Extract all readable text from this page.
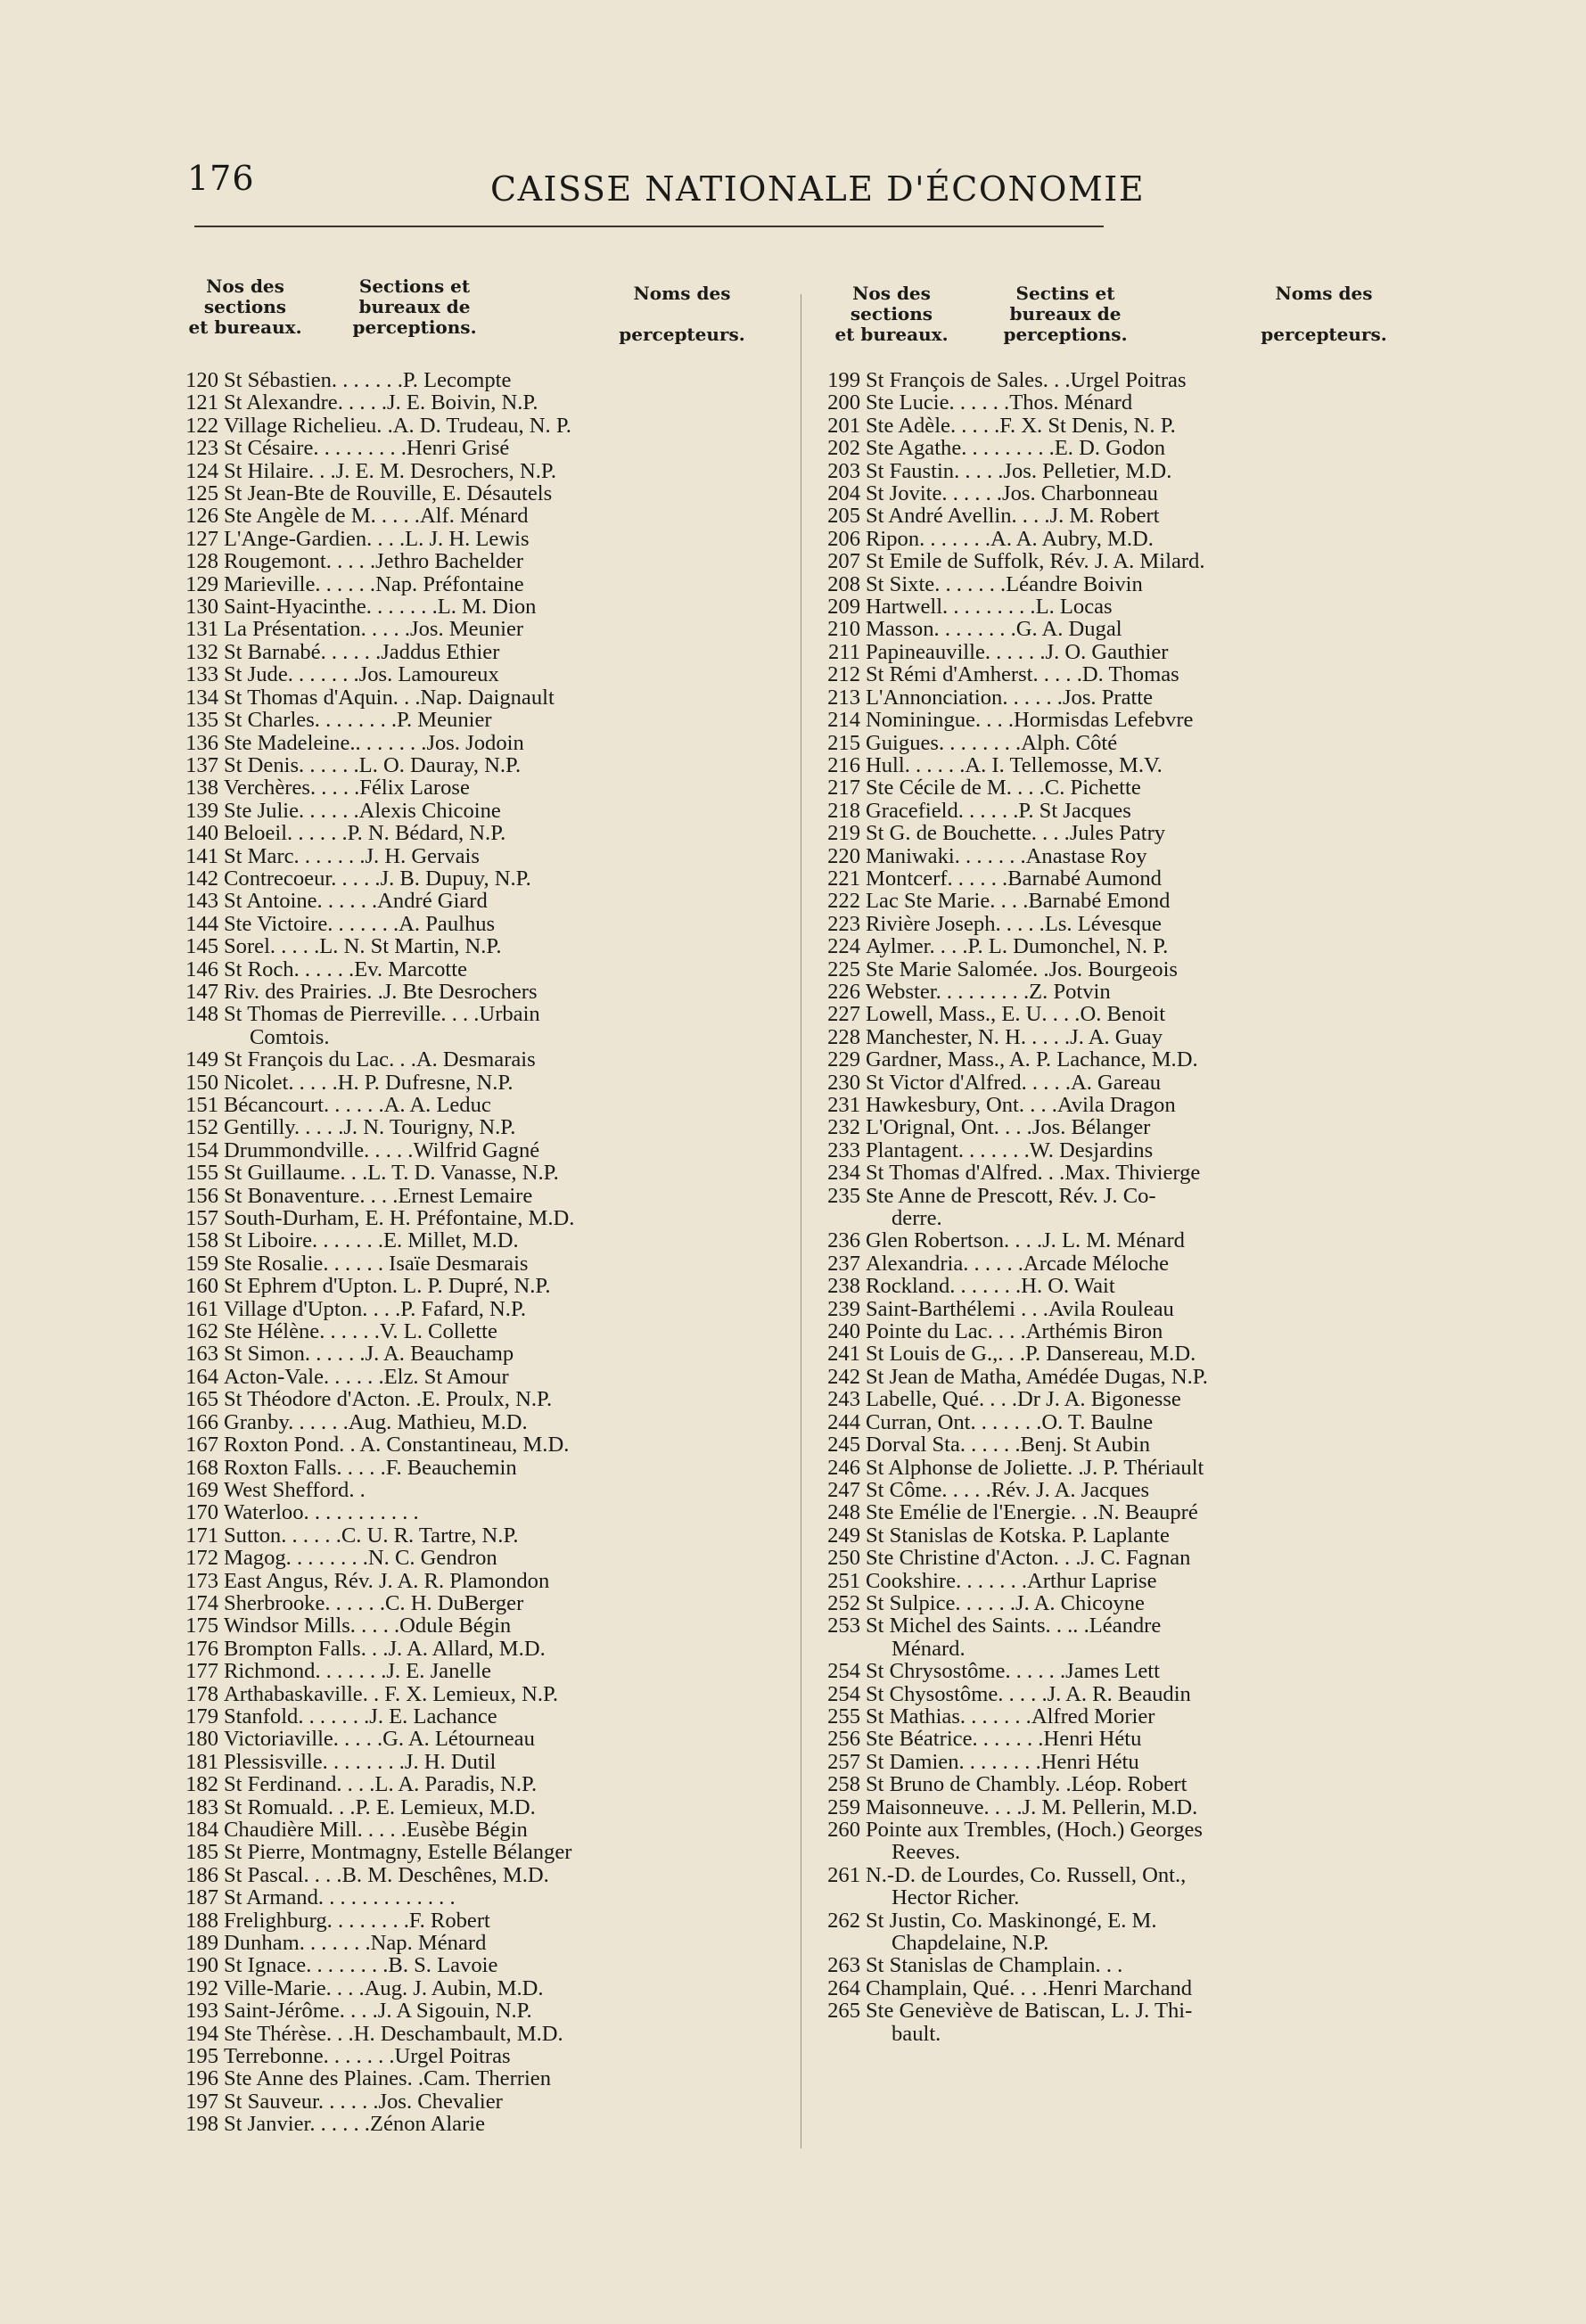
176	CAISSE NATIONALE D'ÉCONOMIE
Nos des
sections
et bureaux.
Sections et
bureaux de
perceptions.
Noms des
percepteurs.
Nos des
sections
et bureaux.
Sectins et
bureaux de
perceptions.
Noms des
percepteurs.
120 St Sébastien. . . . . . .P. Lecompte
121 St Alexandre. . . . .J. E. Boivin, N.P.
122 Village Richelieu. .A. D. Trudeau, N. P.
123 St Césaire. . . . . . . . .Henri Grisé
124 St Hilaire. . .J. E. M. Desrochers, N.P.
125 St Jean-Bte de Rouville, E. Désautels
126 Ste Angèle de M. . . . .Alf. Ménard
127 L'Ange-Gardien. . . .L. J. H. Lewis
128 Rougemont. . . . .Jethro Bachelder
129 Marieville. . . . . .Nap. Préfontaine
130 Saint-Hyacinthe. . . . . . .L. M. Dion
131 La Présentation. . . . .Jos. Meunier
132 St Barnabé. . . . . .Jaddus Ethier
133 St Jude. . . . . . .Jos. Lamoureux
134 St Thomas d'Aquin. . .Nap. Daignault
135 St Charles. . . . . . . .P. Meunier
136 Ste Madeleine.. . . . . . .Jos. Jodoin
137 St Denis. . . . . .L. O. Dauray, N.P.
138 Verchères. . . . .Félix Larose
139 Ste Julie. . . . . .Alexis Chicoine
140 Beloeil. . . . . .P. N. Bédard, N.P.
141 St Marc. . . . . . .J. H. Gervais
142 Contrecoeur. . . . .J. B. Dupuy, N.P.
143 St Antoine. . . . . .André Giard
144 Ste Victoire. . . . . . .A. Paulhus
145 Sorel. . . . .L. N. St Martin, N.P.
146 St Roch. . . . . .Ev. Marcotte
147 Riv. des Prairies. .J. Bte Desrochers
148 St Thomas de Pierreville. . . .Urbain
Comtois.
149 St François du Lac. . .A. Desmarais
150 Nicolet. . . . .H. P. Dufresne, N.P.
151 Bécancourt. . . . . .A. A. Leduc
152 Gentilly. . . . .J. N. Tourigny, N.P.
154 Drummondville. . . . .Wilfrid Gagné
155 St Guillaume. . .L. T. D. Vanasse, N.P.
156 St Bonaventure. . . .Ernest Lemaire
157 South-Durham, E. H. Préfontaine, M.D.
158 St Liboire. . . . . . .E. Millet, M.D.
159 Ste Rosalie. . . . . . Isaïe Desmarais
160 St Ephrem d'Upton. L. P. Dupré, N.P.
161 Village d'Upton. . . .P. Fafard, N.P.
162 Ste Hélène. . . . . .V. L. Collette
163 St Simon. . . . . .J. A. Beauchamp
164 Acton-Vale. . . . . .Elz. St Amour
165 St Théodore d'Acton. .E. Proulx, N.P.
166 Granby. . . . . .Aug. Mathieu, M.D.
167 Roxton Pond. . A. Constantineau, M.D.
168 Roxton Falls. . . . .F. Beauchemin
169 West Shefford. .
170 Waterloo. . . . . . . . . . .
171 Sutton. . . . . .C. U. R. Tartre, N.P.
172 Magog. . . . . . . .N. C. Gendron
173 East Angus, Rév. J. A. R. Plamondon
174 Sherbrooke. . . . . .C. H. DuBerger
175 Windsor Mills. . . . .Odule Bégin
176 Brompton Falls. . .J. A. Allard, M.D.
177 Richmond. . . . . . .J. E. Janelle
178 Arthabaskaville. . F. X. Lemieux, N.P.
179 Stanfold. . . . . . .J. E. Lachance
180 Victoriaville. . . . .G. A. Létourneau
181 Plessisville. . . . . . . .J. H. Dutil
182 St Ferdinand. . . .L. A. Paradis, N.P.
183 St Romuald. . .P. E. Lemieux, M.D.
184 Chaudière Mill. . . . .Eusèbe Bégin
185 St Pierre, Montmagny, Estelle Bélanger
186 St Pascal. . . .B. M. Deschênes, M.D.
187 St Armand. . . . . . . . . . . . .
188 Frelighburg. . . . . . . .F. Robert
189 Dunham. . . . . . .Nap. Ménard
190 St Ignace. . . . . . . .B. S. Lavoie
192 Ville-Marie. . . .Aug. J. Aubin, M.D.
193 Saint-Jérôme. . . .J. A Sigouin, N.P.
194 Ste Thérèse. . .H. Deschambault, M.D.
195 Terrebonne. . . . . . .Urgel Poitras
196 Ste Anne des Plaines. .Cam. Therrien
197 St Sauveur. . . . . .Jos. Chevalier
198 St Janvier. . . . . .Zénon Alarie
199 St François de Sales. . .Urgel Poitras
200 Ste Lucie. . . . . .Thos. Ménard
201 Ste Adèle. . . . .F. X. St Denis, N. P.
202 Ste Agathe. . . . . . . . .E. D. Godon
203 St Faustin. . . . .Jos. Pelletier, M.D.
204 St Jovite. . . . . .Jos. Charbonneau
205 St André Avellin. . . .J. M. Robert
206 Ripon. . . . . . .A. A. Aubry, M.D.
207 St Emile de Suffolk, Rév. J. A. Milard.
208 St Sixte. . . . . . .Léandre Boivin
209 Hartwell. . . . . . . . .L. Locas
210 Masson. . . . . . . .G. A. Dugal
211 Papineauville. . . . . .J. O. Gauthier
212 St Rémi d'Amherst. . . . .D. Thomas
213 L'Annonciation. . . . . .Jos. Pratte
214 Nominingue. . . .Hormisdas Lefebvre
215 Guigues. . . . . . . .Alph. Côté
216 Hull. . . . . .A. I. Tellemosse, M.V.
217 Ste Cécile de M. . . .C. Pichette
218 Gracefield. . . . . .P. St Jacques
219 St G. de Bouchette. . . .Jules Patry
220 Maniwaki. . . . . . .Anastase Roy
221 Montcerf. . . . . .Barnabé Aumond
222 Lac Ste Marie. . . .Barnabé Emond
223 Rivière Joseph. . . . .Ls. Lévesque
224 Aylmer. . . .P. L. Dumonchel, N. P.
225 Ste Marie Salomée. .Jos. Bourgeois
226 Webster. . . . . . . . .Z. Potvin
227 Lowell, Mass., E. U. . . .O. Benoit
228 Manchester, N. H. . . . .J. A. Guay
229 Gardner, Mass., A. P. Lachance, M.D.
230 St Victor d'Alfred. . . . .A. Gareau
231 Hawkesbury, Ont. . . .Avila Dragon
232 L'Orignal, Ont. . . .Jos. Bélanger
233 Plantagent. . . . . . .W. Desjardins
234 St Thomas d'Alfred. . .Max. Thivierge
235 Ste Anne de Prescott, Rév. J. Co-
derre.
236 Glen Robertson. . . .J. L. M. Ménard
237 Alexandria. . . . . .Arcade Méloche
238 Rockland. . . . . . .H. O. Wait
239 Saint-Barthélemi . . .Avila Rouleau
240 Pointe du Lac. . . .Arthémis Biron
241 St Louis de G.,. . .P. Dansereau, M.D.
242 St Jean de Matha, Amédée Dugas, N.P.
243 Labelle, Qué. . . .Dr J. A. Bigonesse
244 Curran, Ont. . . . . . .O. T. Baulne
245 Dorval Sta. . . . . .Benj. St Aubin
246 St Alphonse de Joliette. .J. P. Thériault
247 St Côme. . . . .Rév. J. A. Jacques
248 Ste Emélie de l'Energie. . .N. Beaupré
249 St Stanislas de Kotska. P. Laplante
250 Ste Christine d'Acton. . .J. C. Fagnan
251 Cookshire. . . . . . .Arthur Laprise
252 St Sulpice. . . . . .J. A. Chicoyne
253 St Michel des Saints. . .. .Léandre
Ménard.
254 St Chrysostôme. . . . . .James Lett
254 St Chysostôme. . . . .J. A. R. Beaudin
255 St Mathias. . . . . . .Alfred Morier
256 Ste Béatrice. . . . . . .Henri Hétu
257 St Damien. . . . . . . .Henri Hétu
258 St Bruno de Chambly. .Léop. Robert
259 Maisonneuve. . . .J. M. Pellerin, M.D.
260 Pointe aux Trembles, (Hoch.) Georges
Reeves.
261 N.-D. de Lourdes, Co. Russell, Ont.,
Hector Richer.
262 St Justin, Co. Maskinongé, E. M.
Chapdelaine, N.P.
263 St Stanislas de Champlain. . .
264 Champlain, Qué. . . .Henri Marchand
265 Ste Geneviève de Batiscan, L. J. Thi-
bault.
